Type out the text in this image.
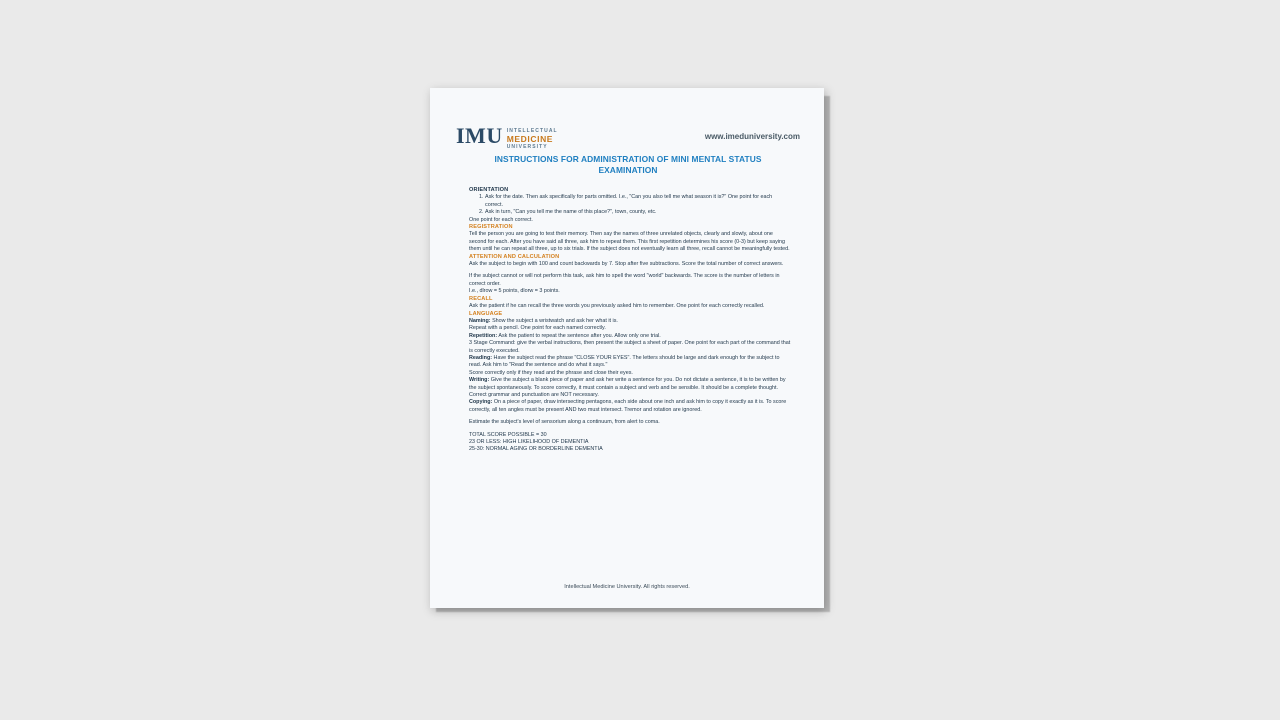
IMU INTELLECTUAL
MEDICINE
UNIVERSITY
www.imeduniversity.com
INSTRUCTIONS FOR ADMINISTRATION OF MINI MENTAL STATUS EXAMINATION
ORIENTATION
1. Ask for the date. Then ask specifically for parts omitted. I.e., "Can you also tell me what season it is?" One point for each correct.
2. Ask in turn, "Can you tell me the name of this place?", town, county, etc.
One point for each correct.
REGISTRATION
Tell the person you are going to test their memory. Then say the names of three unrelated objects, clearly and slowly, about one second for each. After you have said all three, ask him to repeat them. This first repetition determines his score (0-3) but keep saying them until he can repeat all three, up to six trials. If the subject does not eventually learn all three, recall cannot be meaningfully tested.
ATTENTION AND CALCULATION
Ask the subject to begin with 100 and count backwards by 7. Stop after five subtractions. Score the total number of correct answers.
If the subject cannot or will not perform this task, ask him to spell the word "world" backwards. The score is the number of letters in correct order.
I.e., dlrow = 5 points, dlorw = 3 points.
RECALL
Ask the patient if he can recall the three words you previously asked him to remember. One point for each correctly recalled.
LANGUAGE
Naming: Show the subject a wristwatch and ask her what it is.
Repeat with a pencil. One point for each named correctly.
Repetition: Ask the patient to repeat the sentence after you. Allow only one trial.
3 Stage Command: give the verbal instructions, then present the subject a sheet of paper. One point for each part of the command that is correctly executed.
Reading: Have the subject read the phrase "CLOSE YOUR EYES". The letters should be large and dark enough for the subject to read. Ask him to "Read the sentence and do what it says."
Score correctly only if they read and the phrase and close their eyes.
Writing: Give the subject a blank piece of paper and ask her write a sentence for you. Do not dictate a sentence, it is to be written by the subject spontaneously. To score correctly, it must contain a subject and verb and be sensible. It should be a complete thought. Correct grammar and punctuation are NOT necessary.
Copying: On a piece of paper, draw intersecting pentagons, each side about one inch and ask him to copy it exactly as it is. To score correctly, all ten angles must be present AND two must intersect. Tremor and rotation are ignored.
Estimate the subject's level of sensorium along a continuum, from alert to coma.
TOTAL SCORE POSSIBLE = 30
23 OR LESS: HIGH LIKELIHOOD OF DEMENTIA
25-30: NORMAL AGING OR BORDERLINE DEMENTIA
Intellectual Medicine University. All rights reserved.
